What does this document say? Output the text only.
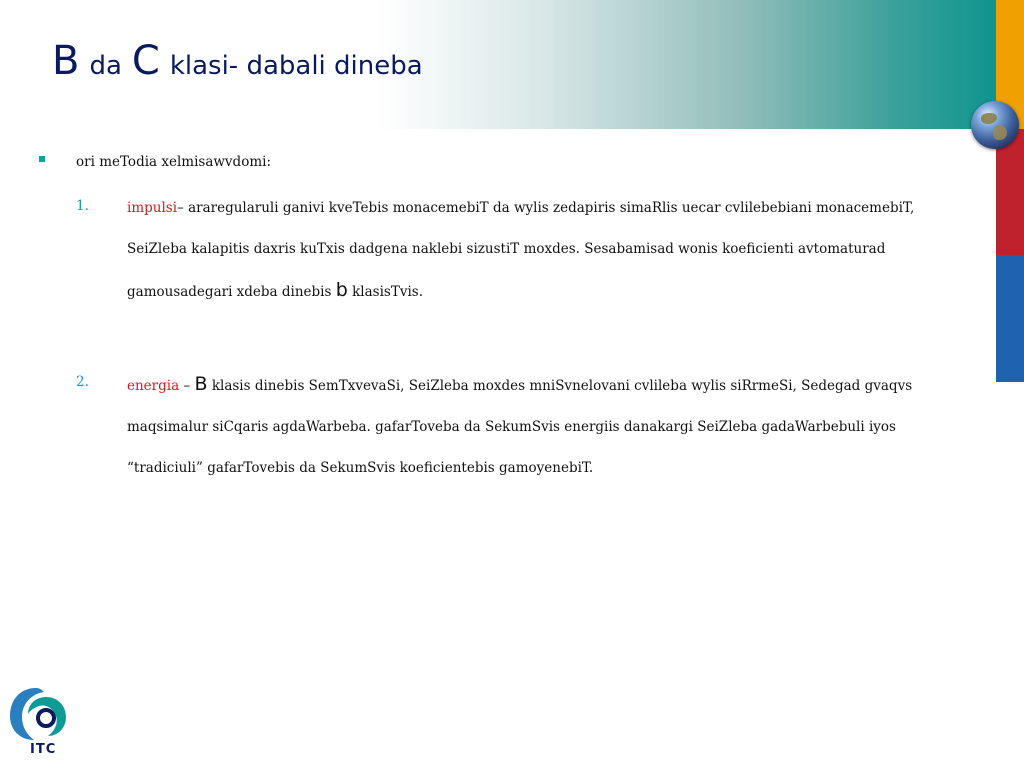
Bda C klasi- dabali dineba
ori meTodia xelmisawvdomi:
1.	impulsi– araregularuli ganivi kveTebis monacemebiT da wylis zedapiris simaRlis uecar cvlilebebiani monacemebiT, SeiZleba kalapitis daxris kuTxis dadgena naklebi sizustiT moxdes. Sesabamisad wonis koeficienti avtomaturad gamousadegari xdeba dinebis b klasisTvis.
2.	energia – B klasis dinebis SemTxvevaSi, SeiZleba moxdes mniSvnelovani cvlileba wylis siRrmeSi, Sedegad gvaqvs maqsimalur siCqaris agdaWarbeba. gafarToveba da SekumSvis energiis danakargi SeiZleba gadaWarbebuli iyos “tradiciuli” gafarTovebis da SekumSvis koeficientebis gamoyenebiT.
ITC
